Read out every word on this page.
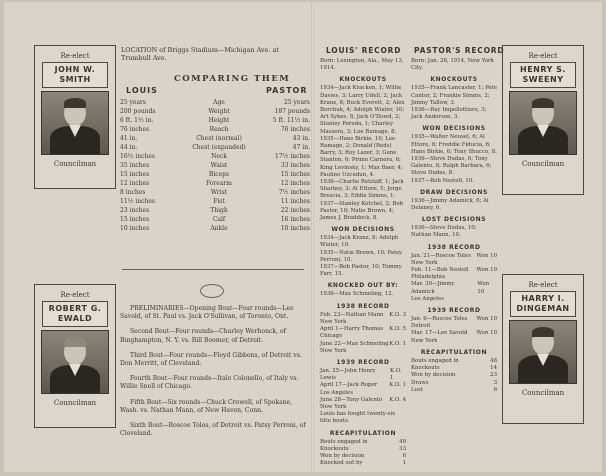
Re-elect
JOHN W. SMITH
Councilman
Re-elect
ROBERT G. EWALD
Councilman
Re-elect
HENRY S. SWEENY
Councilman
Re-elect
HARRY I. DINGEMAN
Councilman
LOCATION of Briggs Stadium—Michigan Ave. at Trumbull Ave.
COMPARING THEM
LOUIS	PASTOR
25 years	Age	25 years
200 pounds	Weight	187 pounds
6 ft. 1½ in.	Height	5 ft. 11½ in.
76 inches	Reach	76 inches
41 in.	Chest (normal)	43 in.
44 in.	Chest (expanded)	47 in.
16½ inches	Neck	17½ inches
35 inches	Waist	33 inches
15 inches	Biceps	15 inches
12 inches	Forearm	12 inches
8 inches	Wrist	7½ inches
11½ inches	Fist	11 inches
23 inches	Thigh	22 inches
15 inches	Calf	16 inches
10 inches	Ankle	10 inches
PRELIMINARIES—Opening Bout—Four rounds—Lee Savold, of St. Paul vs. Jack O'Sullivan, of Toronto, Ont.
Second Bout—Four rounds—Charley Werhonck, of Binghampton, N. Y. vs. Bill Boomer, of Detroit.
Third Bout—Four rounds—Floyd Gibbons, of Detroit vs. Don Merritt, of Cleveland.
Fourth Bout—Four rounds—Italo Colonello, of Italy vs. Willie Snell of Chicago.
Fifth Bout—Six rounds—Chuck Crowell, of Spokane, Wash. vs. Nathan Mann, of New Haven, Conn.
Sixth Bout—Roscoe Toles, of Detroit vs. Patsy Perroni, of Cleveland.
LOUIS' RECORD
Born: Lexington, Ala., May 13, 1914.
KNOCKOUTS
1934—Jack Kracken, 1; Willie Davies, 3; Larry Udell, 2; Jack Kranz, 8; Buck Everett, 2; Alex Borchuk, 4; Adolph Wiater, 10; Art Sykes, 8; Jack O'Dowd, 2; Stanley Poreda, 1; Charley Massera, 3; Lee Ramage, 8.
1935—Hans Birkie, 10; Lee Ramage, 2; Donald (Reds) Barry, 3; Roy Lazer, 3; Gene Stanton, 6; Primo Carnera, 6; King Levinsky, 1; Max Baer, 4; Paulino Uzcudun, 4.
1936—Charlie Retzlaff, 1; Jack Sharkey, 3; Al Ettore, 5; Jorge Brescia, 3; Eddie Simms, 1.
1937—Stanley Ketchel, 2; Bob Pastor, 10; Natie Brown, 4; James J. Braddock, 8.
WON DECISIONS
1934—Jack Kranz, 8; Adolph Wiater, 10.
1935—Natie Brown, 10; Patsy Perroni, 10.
1937—Bob Pastor, 10; Tommy Farr, 15.
KNOCKED OUT BY:
1936—Max Schmeling, 12.
1938 RECORD
Feb. 23—Nathan Mann K.O. 3
New York
April 1—Harry Thomas K.O. 5
Chicago
June 22—Max Schmeling K.O. 1
New York
1939 RECORD
Jan. 25—John Henry Lewis
K.O. 1
April 17—Jack Roper K.O. 1
Los Angeles
June 28—Tony Galento K.O. 4
New York
Louis has fought twenty-six title bouts.
RECAPITULATION
Bouts engaged in	40
Knockouts	33
Won by decision	6
Knocked out by	1
PASTOR'S RECORD
Born: Jan. 26, 1914, New York City.
KNOCKOUTS
1935—Frank Lancaster, 1; Pete Cantor, 2; Frankie Simms, 2; Jimmy Tallow, 3.
1936—Ray Impellettiere, 3; Jack Anderson, 3.
WON DECISIONS
1935—Walter Neusel, 6; Al Ettore, 6; Freddie Fiducia, 6; Hans Birkie, 6; Tony Shucco, 8.
1936—Steve Dudas, 6; Tony Galento, 8; Ralph Barbara, 6; Steve Dudas, 8.
1937—Bob Nestell, 10.
DRAW DECISIONS
1936—Jimmy Adamick, 6; Al Delaney, 6.
LOST DECISIONS
1936—Steve Dudas, 10; Nathan Mann, 10.
1938 RECORD
Jan. 21—Roscoe Toles Won 10
New York
Feb. 11—Bob Nestell Won 10
Philadelphia
Mar. 30—Jimmy Adamick
Won 10
Los Angeles
1939 RECORD
Jan. 6—Roscoe Toles Won 10
Detroit
Mar. 17—Lee Savold Won 10
New York
RECAPITULATION
Bouts engaged in	48
Knockouts	14
Won by decision	23
Draws	3
Lost	6
